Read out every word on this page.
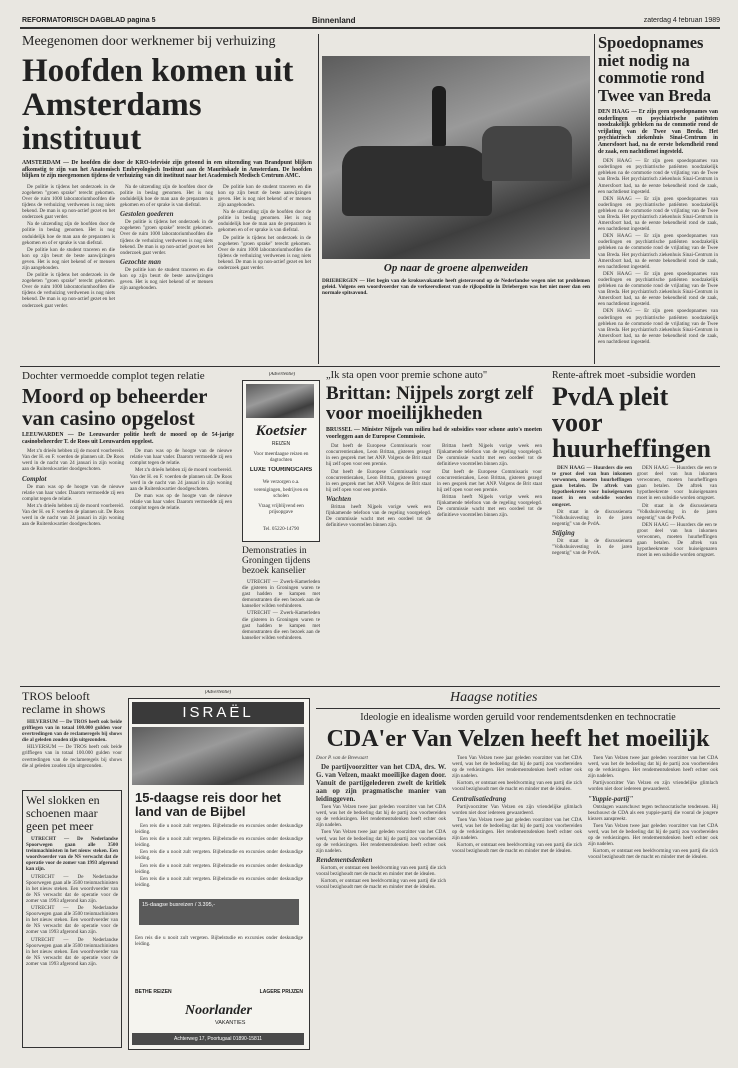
REFORMATORISCH DAGBLAD pagina 5	Binnenland	zaterdag 4 februari 1989
Meegenomen door werknemer bij verhuizing
Hoofden komen uit
Amsterdams instituut
AMSTERDAM — De hoofden die door de KRO-televisie zijn getoond in een uitzending van Brandpunt blijken afkomstig te zijn van het Anatomisch Embryologisch Instituut aan de Mauritskade in Amsterdam. De hoofden blijken te zijn meegenomen tijdens de verhuizing van dit instituut naar het Academisch Medisch Centrum AMC.

De politie is tijdens het onderzoek in de zogeheten "groen sprake" terecht gekomen. Over de ruim 1000 laboratoriumhoofden die tijdens de verhuizing verdwenen is nog niets bekend. De man is op non-actief gezet en het onderzoek gaat verder.

Na de uitzending zijn de hoofden door de politie in beslag genomen. Het is nog onduidelijk hoe de man aan de preparaten is gekomen en of er sprake is van diefstal.

De politie kon de student traceren en die kon op zijn beurt de beste aanwijzingen geven. Het is nog niet bekend of er mensen zijn aangehouden.

De politie is tijdens het onderzoek in de zogeheten "groen sprake" terecht gekomen. Over de ruim 1000 laboratoriumhoofden die tijdens de verhuizing verdwenen is nog niets bekend. De man is op non-actief gezet en het onderzoek gaat verder.

Na de uitzending zijn de hoofden door de politie in beslag genomen. Het is nog onduidelijk hoe de man aan de preparaten is gekomen en of er sprake is van diefstal.

Gestolen goederen

De politie is tijdens het onderzoek in de zogeheten "groen sprake" terecht gekomen. Over de ruim 1000 laboratoriumhoofden die tijdens de verhuizing verdwenen is nog niets bekend. De man is op non-actief gezet en het onderzoek gaat verder.

Gezochte man

De politie kon de student traceren en die kon op zijn beurt de beste aanwijzingen geven. Het is nog niet bekend of er mensen zijn aangehouden.

De politie kon de student traceren en die kon op zijn beurt de beste aanwijzingen geven. Het is nog niet bekend of er mensen zijn aangehouden.

Na de uitzending zijn de hoofden door de politie in beslag genomen. Het is nog onduidelijk hoe de man aan de preparaten is gekomen en of er sprake is van diefstal.

De politie is tijdens het onderzoek in de zogeheten "groen sprake" terecht gekomen. Over de ruim 1000 laboratoriumhoofden die tijdens de verhuizing verdwenen is nog niets bekend. De man is op non-actief gezet en het onderzoek gaat verder.	Op naar de groene alpenweiden
DRIEBERGEN — Het begin van de krokusvakantie heeft gisteravond op de Nederlandse wegen niet tot problemen geleid. Volgens een woordvoerder van de verkeersdienst van de rijkspolitie in Driebergen was het niet meer dan een normale spitsavond.
Spoedopnames niet nodig na commotie rond Twee van Breda
DEN HAAG — Er zijn geen spoedopnames van ouderlingen en psychiatrische patiënten noodzakelijk gebleken na de commotie rond de vrijlating van de Twee van Breda. Het psychiatrisch ziekenhuis Sinai-Centrum in Amersfoort had, na de eerste bekendheid rond de zaak, een nachtdienst ingesteld.

DEN HAAG — Er zijn geen spoedopnames van ouderlingen en psychiatrische patiënten noodzakelijk gebleken na de commotie rond de vrijlating van de Twee van Breda. Het psychiatrisch ziekenhuis Sinai-Centrum in Amersfoort had, na de eerste bekendheid rond de zaak, een nachtdienst ingesteld.

DEN HAAG — Er zijn geen spoedopnames van ouderlingen en psychiatrische patiënten noodzakelijk gebleken na de commotie rond de vrijlating van de Twee van Breda. Het psychiatrisch ziekenhuis Sinai-Centrum in Amersfoort had, na de eerste bekendheid rond de zaak, een nachtdienst ingesteld.

DEN HAAG — Er zijn geen spoedopnames van ouderlingen en psychiatrische patiënten noodzakelijk gebleken na de commotie rond de vrijlating van de Twee van Breda. Het psychiatrisch ziekenhuis Sinai-Centrum in Amersfoort had, na de eerste bekendheid rond de zaak, een nachtdienst ingesteld.

DEN HAAG — Er zijn geen spoedopnames van ouderlingen en psychiatrische patiënten noodzakelijk gebleken na de commotie rond de vrijlating van de Twee van Breda. Het psychiatrisch ziekenhuis Sinai-Centrum in Amersfoort had, na de eerste bekendheid rond de zaak, een nachtdienst ingesteld.

DEN HAAG — Er zijn geen spoedopnames van ouderlingen en psychiatrische patiënten noodzakelijk gebleken na de commotie rond de vrijlating van de Twee van Breda. Het psychiatrisch ziekenhuis Sinai-Centrum in Amersfoort had, na de eerste bekendheid rond de zaak, een nachtdienst ingesteld.

Dochter vermoedde complot tegen relatie
Moord op beheerder van casino opgelost
LEEUWARDEN — De Leeuwarder politie heeft de moord op de 54-jarige casinobeheerder T. de Roos uit Leeuwarden opgelost.

Met z'n drieën hebben zij de moord voorbereid. Van der H. en F. voerden de plannen uit. De Roos werd in de nacht van 24 januari in zijn woning aan de Ruiterskwartier doodgeschoten.

Complot

De man was op de hoogte van de nieuwe relatie van haar vader. Daarom vermoedde zij een complot tegen de relatie.

Met z'n drieën hebben zij de moord voorbereid. Van der H. en F. voerden de plannen uit. De Roos werd in de nacht van 24 januari in zijn woning aan de Ruiterskwartier doodgeschoten.

De man was op de hoogte van de nieuwe relatie van haar vader. Daarom vermoedde zij een complot tegen de relatie.

Met z'n drieën hebben zij de moord voorbereid. Van der H. en F. voerden de plannen uit. De Roos werd in de nacht van 24 januari in zijn woning aan de Ruiterskwartier doodgeschoten.

De man was op de hoogte van de nieuwe relatie van haar vader. Daarom vermoedde zij een complot tegen de relatie.

(Advertentie)
Koetsier
REIZEN
Voor meerdaagse reizen en dagtochten
LUXE TOURINGCARS
We verzorgen o.a.
verenigingen, bedrijven en scholen
Vraag vrijblijvend een prijsopgave
Tel. 05220-14790
Demonstraties in Groningen tijdens bezoek kanselier

UTRECHT — Zwerk-Kamerleden die gisteren in Groningen waren te gast hadden te kampen met demonstranten die een bezoek aan de kanselier wilden verhinderen.

UTRECHT — Zwerk-Kamerleden die gisteren in Groningen waren te gast hadden te kampen met demonstranten die een bezoek aan de kanselier wilden verhinderen.

„Ik sta open voor premie schone auto"
Brittan: Nijpels zorgt zelf voor moeilijkheden
BRUSSEL — Minister Nijpels van milieu had de subsidies voor schone auto's moeten voorleggen aan de Europese Commissie.

Dat heeft de Europese Commissaris voor concurrentiezaken, Leon Brittan, gisteren gezegd in een gesprek met het ANP. Volgens de Brit staat hij zelf open voor een premie.

Dat heeft de Europese Commissaris voor concurrentiezaken, Leon Brittan, gisteren gezegd in een gesprek met het ANP. Volgens de Brit staat hij zelf open voor een premie.

Wachten

Brittan heeft Nijpels vorige week een fijnkamende telefoon van de regeling voorgelegd. De commissie wacht met een oordeel tot de definitieve voorstellen binnen zijn.

Brittan heeft Nijpels vorige week een fijnkamende telefoon van de regeling voorgelegd. De commissie wacht met een oordeel tot de definitieve voorstellen binnen zijn.

Dat heeft de Europese Commissaris voor concurrentiezaken, Leon Brittan, gisteren gezegd in een gesprek met het ANP. Volgens de Brit staat hij zelf open voor een premie.

Brittan heeft Nijpels vorige week een fijnkamende telefoon van de regeling voorgelegd. De commissie wacht met een oordeel tot de definitieve voorstellen binnen zijn.

Rente-aftrek moet -subsidie worden
PvdA pleit voor huurheffingen

DEN HAAG — Huurders die een te groot deel van hun inkomen verwonnen, moeten huurheffingen gaan betalen. De aftrek van hypotheekrente voor huiseigenaren moet in een subsidie worden omgezet.

Dit staat in de discussienota "Volkshuisvesting in de jaren negentig" van de PvdA.

Stijging

Dit staat in de discussienota "Volkshuisvesting in de jaren negentig" van de PvdA.

DEN HAAG — Huurders die een te groot deel van hun inkomen verwonnen, moeten huurheffingen gaan betalen. De aftrek van hypotheekrente voor huiseigenaren moet in een subsidie worden omgezet.

Dit staat in de discussienota "Volkshuisvesting in de jaren negentig" van de PvdA.

DEN HAAG — Huurders die een te groot deel van hun inkomen verwonnen, moeten huurheffingen gaan betalen. De aftrek van hypotheekrente voor huiseigenaren moet in een subsidie worden omgezet.

TROS belooft reclame in shows

HILVERSUM — De TROS heeft ook beide griffiegen van in totaal 100.000 gulden voor overtredingen van de reclameregels bij shows die al geleden zouden zijn uitgezonden.

HILVERSUM — De TROS heeft ook beide griffiegen van in totaal 100.000 gulden voor overtredingen van de reclameregels bij shows die al geleden zouden zijn uitgezonden.

Wel slokken en schoenen maar geen pet meer

UTRECHT — De Nederlandse Spoorwegen gaan alle 3500 treinmachinisten in het nieuw steken. Een woordvoerder van de NS verwacht dat de operatie voor de zomer van 1993 afgerond kan zijn.

UTRECHT — De Nederlandse Spoorwegen gaan alle 3500 treinmachinisten in het nieuw steken. Een woordvoerder van de NS verwacht dat de operatie voor de zomer van 1993 afgerond kan zijn.

UTRECHT — De Nederlandse Spoorwegen gaan alle 3500 treinmachinisten in het nieuw steken. Een woordvoerder van de NS verwacht dat de operatie voor de zomer van 1993 afgerond kan zijn.

UTRECHT — De Nederlandse Spoorwegen gaan alle 3500 treinmachinisten in het nieuw steken. Een woordvoerder van de NS verwacht dat de operatie voor de zomer van 1993 afgerond kan zijn.

(Advertentie)
ISRAËL
15-daagse reis door het land van de Bijbel

Een reis die u nooit zult vergeten. Bijbelstudie en excursies onder deskundige leiding.

Een reis die u nooit zult vergeten. Bijbelstudie en excursies onder deskundige leiding.

Een reis die u nooit zult vergeten. Bijbelstudie en excursies onder deskundige leiding.

Een reis die u nooit zult vergeten. Bijbelstudie en excursies onder deskundige leiding.

Een reis die u nooit zult vergeten. Bijbelstudie en excursies onder deskundige leiding.

15-daagse busreizen / 3.395,-
Een reis die u nooit zult vergeten. Bijbelstudie en excursies onder deskundige leiding.
BETHE REIZEN	LAGERE PRIJZEN
Noorlander
VAKANTIES
Achterweg 17, Poortugaal 01890-15811
Haagse notities
Ideologie en idealisme worden geruild voor rendementsdenken en technocratie
CDA'er Van Velzen heeft het moeilijk
Door P. van de Breevaart

De partijvoorzitter van het CDA, drs. W. G. van Velzen, maakt moeilijke dagen door. Vanuit de partijgelederen zwelt de kritiek aan op zijn pragmatische manier van leidinggeven.

Toen Van Velzen twee jaar geleden voorzitter van het CDA werd, was het de bedoeling dat hij de partij zou voorbereiden op de verkiezingen. Het rendementsdenken heeft echter ook zijn nadelen.

Toen Van Velzen twee jaar geleden voorzitter van het CDA werd, was het de bedoeling dat hij de partij zou voorbereiden op de verkiezingen. Het rendementsdenken heeft echter ook zijn nadelen.

Rendementsdenken

Kortom, er ontstaat een beeldvorming van een partij die zich vooral bezighoudt met de macht en minder met de idealen.

Kortom, er ontstaat een beeldvorming van een partij die zich vooral bezighoudt met de macht en minder met de idealen.

Toen Van Velzen twee jaar geleden voorzitter van het CDA werd, was het de bedoeling dat hij de partij zou voorbereiden op de verkiezingen. Het rendementsdenken heeft echter ook zijn nadelen.

Kortom, er ontstaat een beeldvorming van een partij die zich vooral bezighoudt met de macht en minder met de idealen.

Centralisatiedrang

Partijvoorzitter Van Velzen en zijn vriendelijke glimlach worden niet door iedereen gewaardeerd.

Toen Van Velzen twee jaar geleden voorzitter van het CDA werd, was het de bedoeling dat hij de partij zou voorbereiden op de verkiezingen. Het rendementsdenken heeft echter ook zijn nadelen.

Kortom, er ontstaat een beeldvorming van een partij die zich vooral bezighoudt met de macht en minder met de idealen.

Toen Van Velzen twee jaar geleden voorzitter van het CDA werd, was het de bedoeling dat hij de partij zou voorbereiden op de verkiezingen. Het rendementsdenken heeft echter ook zijn nadelen.

Partijvoorzitter Van Velzen en zijn vriendelijke glimlach worden niet door iedereen gewaardeerd.

"Yuppie-partij"

Ontslagen waarschuwt tegen technocratische tendensen. Hij beschouwt de CDA als een yuppie-partij die vooral de jongere kiezers aanspreekt.

Toen Van Velzen twee jaar geleden voorzitter van het CDA werd, was het de bedoeling dat hij de partij zou voorbereiden op de verkiezingen. Het rendementsdenken heeft echter ook zijn nadelen.

Kortom, er ontstaat een beeldvorming van een partij die zich vooral bezighoudt met de macht en minder met de idealen.
